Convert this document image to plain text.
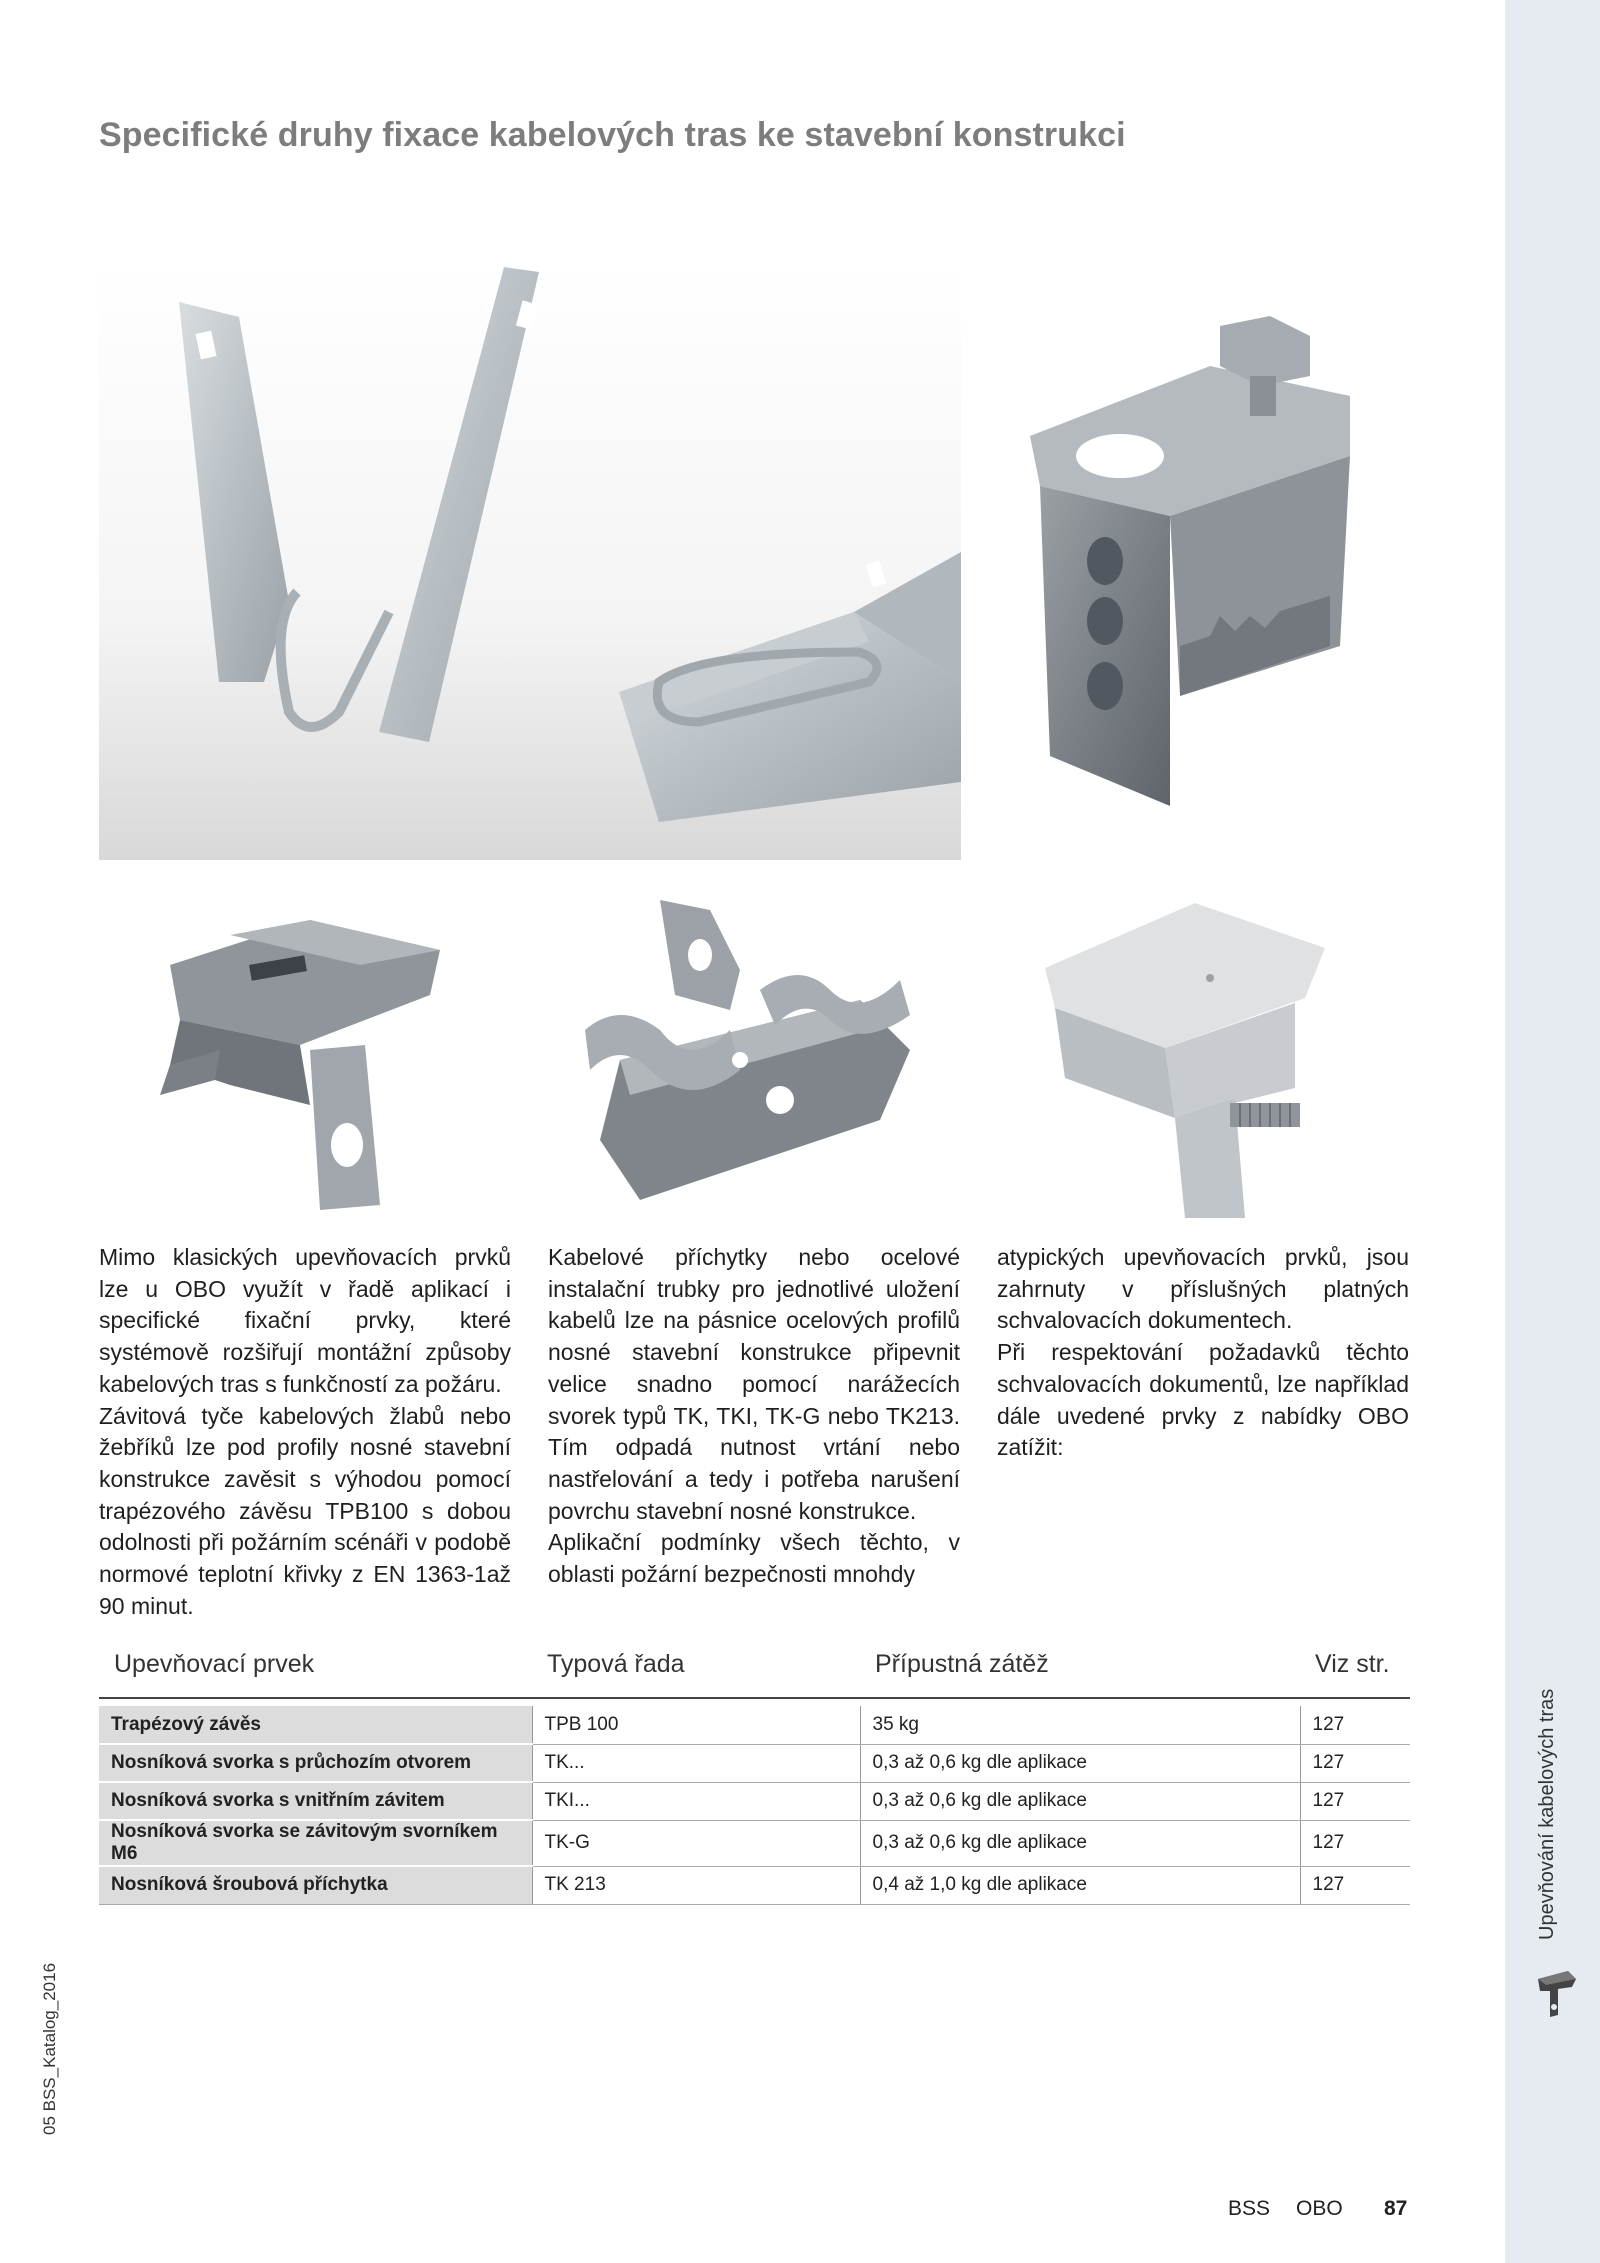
Upevňování kabelových tras
Specifické druhy fixace kabelových tras ke stavební konstrukci

Mimo klasických upevňovacích prvků lze u OBO využít v řadě aplikací i specifické fixační prvky, které systémově rozšiřují montážní způsoby kabelových tras s funkčností za požáru.

Závitová tyče kabelových žlabů nebo žebříků lze pod profily nosné stavební konstrukce zavěsit s výhodou pomocí trapézového závěsu TPB100 s dobou odolnosti při požárním scénáři v podobě normové teplotní křivky z EN 1363-1až 90 minut.

Kabelové příchytky nebo ocelové instalační trubky pro jednotlivé uložení kabelů lze na pásnice ocelových profilů nosné stavební konstrukce připevnit velice snadno pomocí narážecích svorek typů TK, TKI, TK-G nebo TK213. Tím odpadá nutnost vrtání nebo nastřelování a tedy i potřeba narušení povrchu stavební nosné konstrukce.

Aplikační podmínky všech těchto, v oblasti požární bezpečnosti mnohdy

atypických upevňovacích prvků, jsou zahrnuty v příslušných platných schvalovacích dokumentech.

Při respektování požadavků těchto schvalovacích dokumentů, lze například dále uvedené prvky z nabídky OBO zatížit:

Upevňovací prvek	Typová řada	Přípustná zátěž	Viz str.

Trapézový závěs	TPB 100	35 kg	127
Nosníková svorka s průchozím otvorem	TK...	0,3 až 0,6 kg dle aplikace	127
Nosníková svorka s vnitřním závitem	TKI...	0,3 až 0,6 kg dle aplikace	127
Nosníková svorka se závitovým svorníkem M6	TK-G	0,3 až 0,6 kg dle aplikace	127
Nosníková šroubová příchytka	TK 213	0,4 až 1,0 kg dle aplikace	127
05 BSS_Katalog_2016
BSS OBO 87
